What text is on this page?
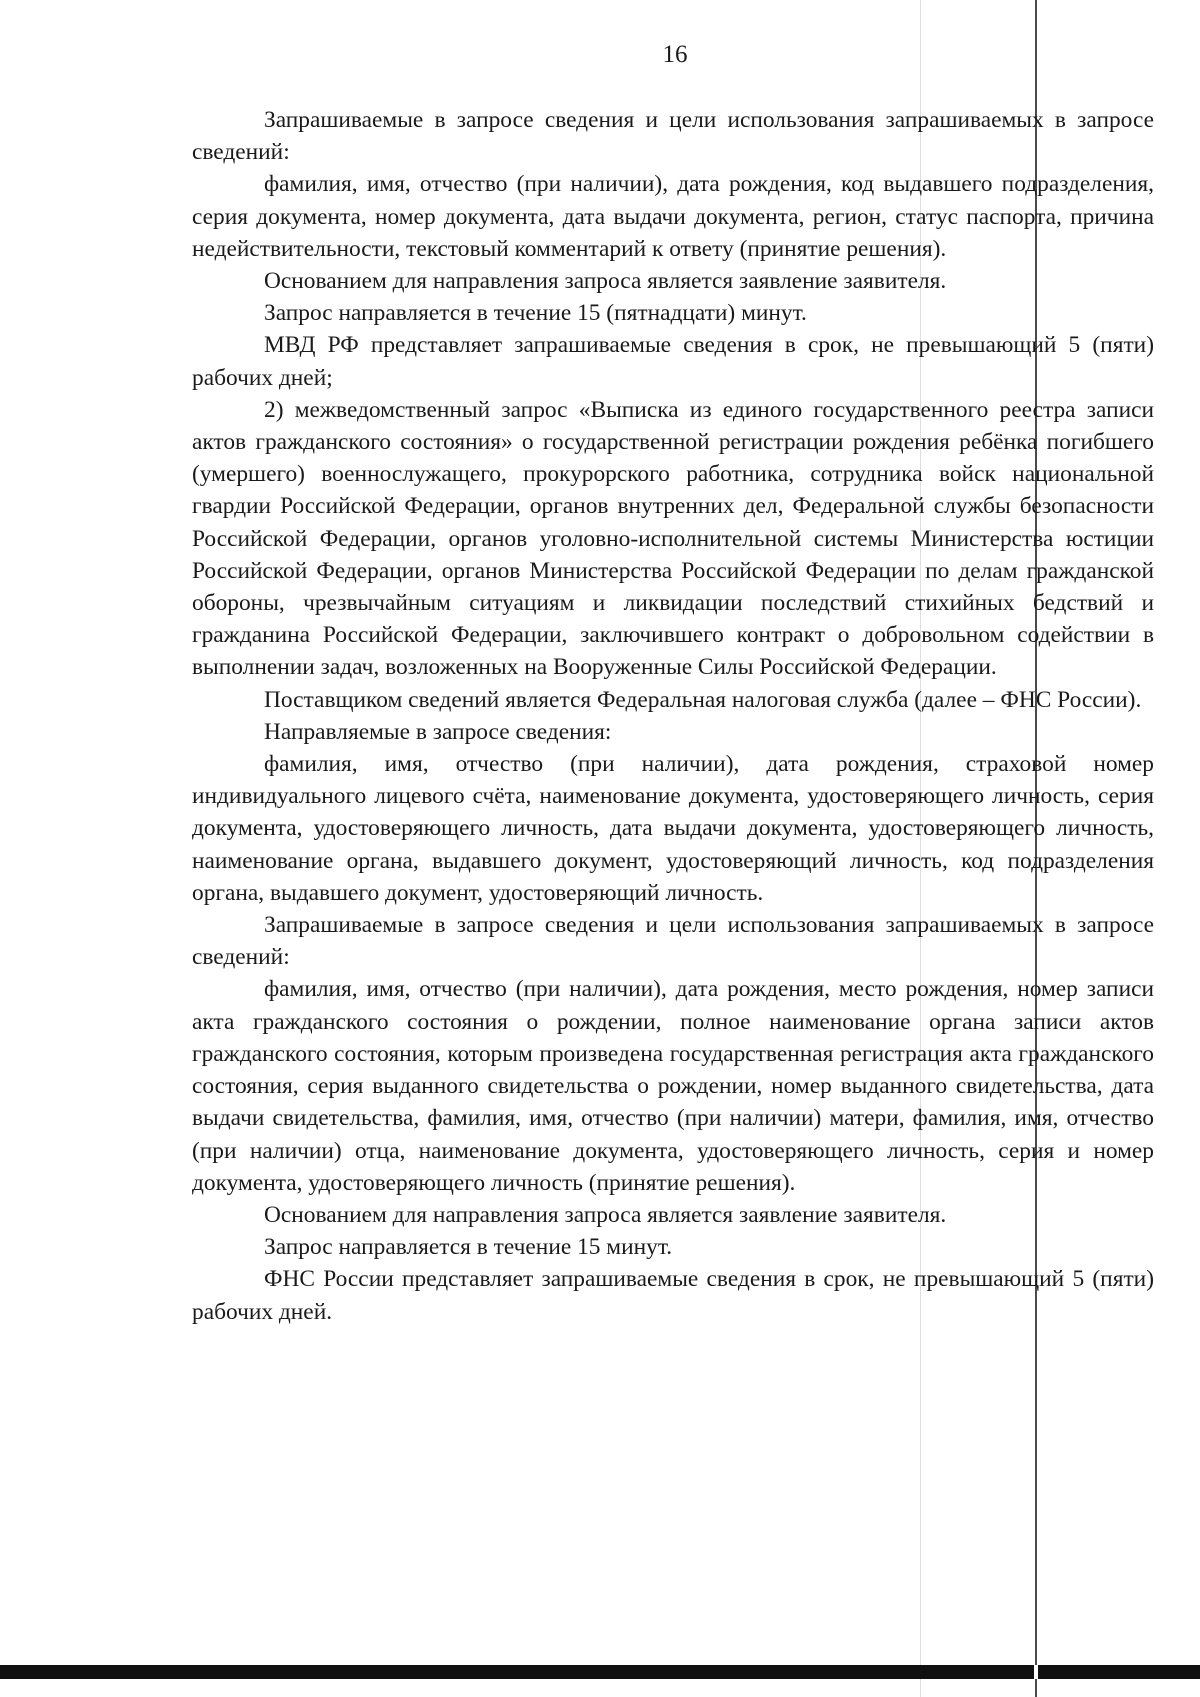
16

Запрашиваемые в запросе сведения и цели использования запрашиваемых в запросе сведений:

фамилия, имя, отчество (при наличии), дата рождения, код выдавшего подразделения, серия документа, номер документа, дата выдачи документа, регион, статус паспорта, причина недействительности, текстовый комментарий к ответу (принятие решения).

Основанием для направления запроса является заявление заявителя.

Запрос направляется в течение 15 (пятнадцати) минут.

МВД РФ представляет запрашиваемые сведения в срок, не превышающий 5 (пяти) рабочих дней;

2) межведомственный запрос «Выписка из единого государственного реестра записи актов гражданского состояния» о государственной регистрации рождения ребёнка погибшего (умершего) военнослужащего, прокурорского работника, сотрудника войск национальной гвардии Российской Федерации, органов внутренних дел, Федеральной службы безопасности Российской Федерации, органов уголовно-исполнительной системы Министерства юстиции Российской Федерации, органов Министерства Российской Федерации по делам гражданской обороны, чрезвычайным ситуациям и ликвидации последствий стихийных бедствий и гражданина Российской Федерации, заключившего контракт о добровольном содействии в выполнении задач, возложенных на Вооруженные Силы Российской Федерации.

Поставщиком сведений является Федеральная налоговая служба (далее – ФНС России).

Направляемые в запросе сведения:

фамилия, имя, отчество (при наличии), дата рождения, страховой номер индивидуального лицевого счёта, наименование документа, удостоверяющего личность, серия документа, удостоверяющего личность, дата выдачи документа, удостоверяющего личность, наименование органа, выдавшего документ, удостоверяющий личность, код подразделения органа, выдавшего документ, удостоверяющий личность.

Запрашиваемые в запросе сведения и цели использования запрашиваемых в запросе сведений:

фамилия, имя, отчество (при наличии), дата рождения, место рождения, номер записи акта гражданского состояния о рождении, полное наименование органа записи актов гражданского состояния, которым произведена государственная регистрация акта гражданского состояния, серия выданного свидетельства о рождении, номер выданного свидетельства, дата выдачи свидетельства, фамилия, имя, отчество (при наличии) матери, фамилия, имя, отчество (при наличии) отца, наименование документа, удостоверяющего личность, серия и номер документа, удостоверяющего личность (принятие решения).

Основанием для направления запроса является заявление заявителя.

Запрос направляется в течение 15 минут.

ФНС России представляет запрашиваемые сведения в срок, не превышающий 5 (пяти) рабочих дней.
